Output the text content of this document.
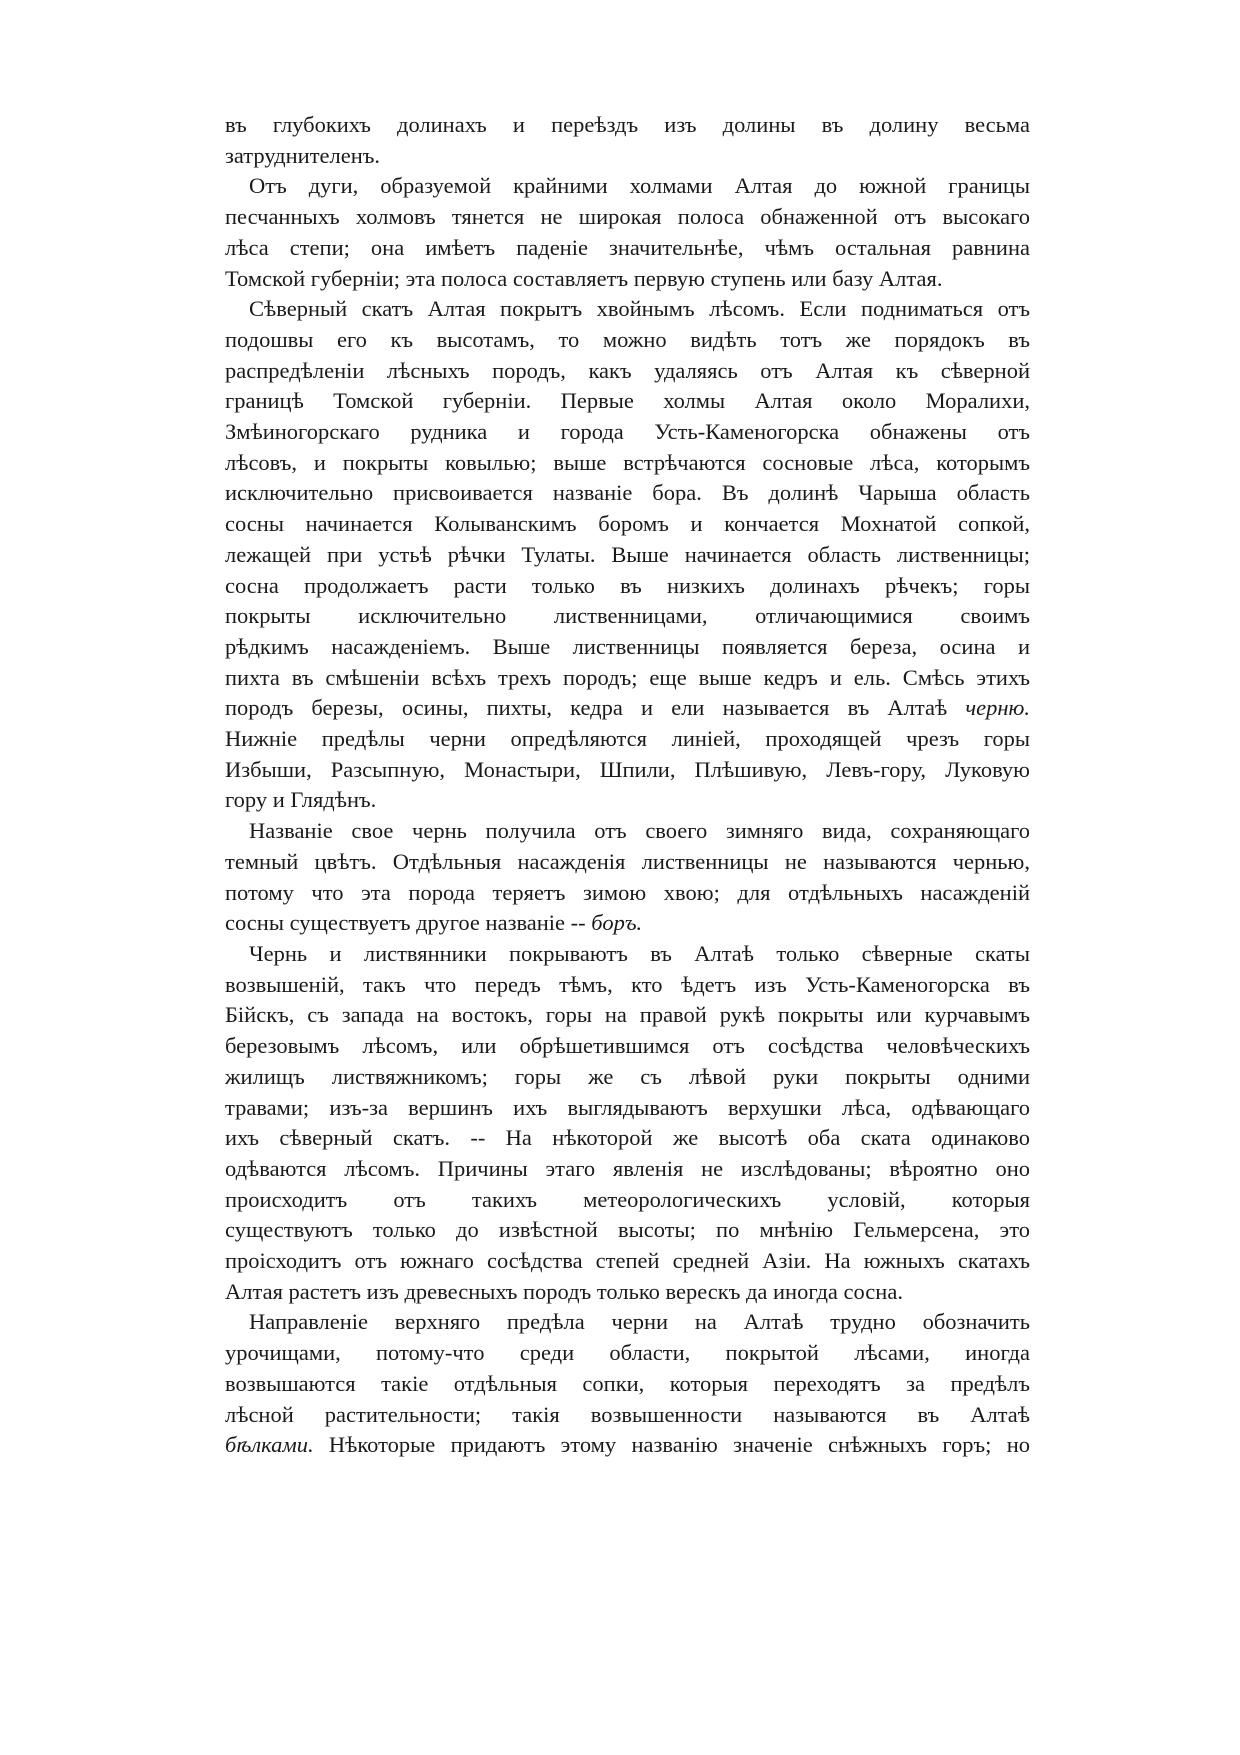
въ глубокихъ долинахъ и переѣздъ изъ долины въ долину весьма
затруднителенъ.
Отъ дуги, образуемой крайними холмами Алтая до южной границы
песчанныхъ холмовъ тянется не широкая полоса обнаженной отъ высокаго
лѣса степи; она имѣетъ паденіе значительнѣе, чѣмъ остальная равнина
Томской губерніи; эта полоса составляетъ первую ступень или базу Алтая.
Сѣверный скатъ Алтая покрытъ хвойнымъ лѣсомъ. Если подниматься отъ
подошвы его къ высотамъ, то можно видѣть тотъ же порядокъ въ
распредѣленіи лѣсныхъ породъ, какъ удаляясь отъ Алтая къ сѣверной
границѣ Томской губерніи. Первые холмы Алтая около Моралихи,
Змѣиногорскаго рудника и города Усть-Каменогорска обнажены отъ
лѣсовъ, и покрыты ковылью; выше встрѣчаются сосновые лѣса, которымъ
исключительно присвоивается названіе бора. Въ долинѣ Чарыша область
сосны начинается Колыванскимъ боромъ и кончается Мохнатой сопкой,
лежащей при устьѣ рѣчки Тулаты. Выше начинается область лиственницы;
сосна продолжаетъ расти только въ низкихъ долинахъ рѣчекъ; горы
покрыты исключительно лиственницами, отличающимися своимъ
рѣдкимъ насажденіемъ. Выше лиственницы появляется береза, осина и
пихта въ смѣшеніи всѣхъ трехъ породъ; еще выше кедръ и ель. Смѣсь этихъ
породъ березы, осины, пихты, кедра и ели называется въ Алтаѣ черню.
Нижніе предѣлы черни опредѣляются линіей, проходящей чрезъ горы
Избыши, Разсыпную, Монастыри, Шпили, Плѣшивую, Левъ-гору, Луковую
гору и Глядѣнъ.
Названіе свое чернь получила отъ своего зимняго вида, сохраняющаго
темный цвѣтъ. Отдѣльныя насажденія лиственницы не называются чернью,
потому что эта порода теряетъ зимою хвою; для отдѣльныхъ насажденій
сосны существуетъ другое названіе -- боръ.
Чернь и листвянники покрываютъ въ Алтаѣ только сѣверные скаты
возвышеній, такъ что передъ тѣмъ, кто ѣдетъ изъ Усть-Каменогорска въ
Бійскъ, съ запада на востокъ, горы на правой рукѣ покрыты или курчавымъ
березовымъ лѣсомъ, или обрѣшетившимся отъ сосѣдства человѣческихъ
жилищъ листвяжникомъ; горы же съ лѣвой руки покрыты одними
травами; изъ-за вершинъ ихъ выглядываютъ верхушки лѣса, одѣвающаго
ихъ сѣверный скатъ. -- На нѣкоторой же высотѣ оба ската одинаково
одѣваются лѣсомъ. Причины этаго явленія не изслѣдованы; вѣроятно оно
происходитъ отъ такихъ метеорологическихъ условій, которыя
существуютъ только до извѣстной высоты; по мнѣнію Гельмерсена, это
проісходитъ отъ южнаго сосѣдства степей средней Азіи. На южныхъ скатахъ
Алтая растетъ изъ древесныхъ породъ только верескъ да иногда сосна.
Направленіе верхняго предѣла черни на Алтаѣ трудно обозначить
урочищами, потому-что среди области, покрытой лѣсами, иногда
возвышаются такіе отдѣльныя сопки, которыя переходятъ за предѣлъ
лѣсной растительности; такія возвышенности называются въ Алтаѣ
бѣлками. Нѣкоторые придаютъ этому названію значеніе снѣжныхъ горъ; но
